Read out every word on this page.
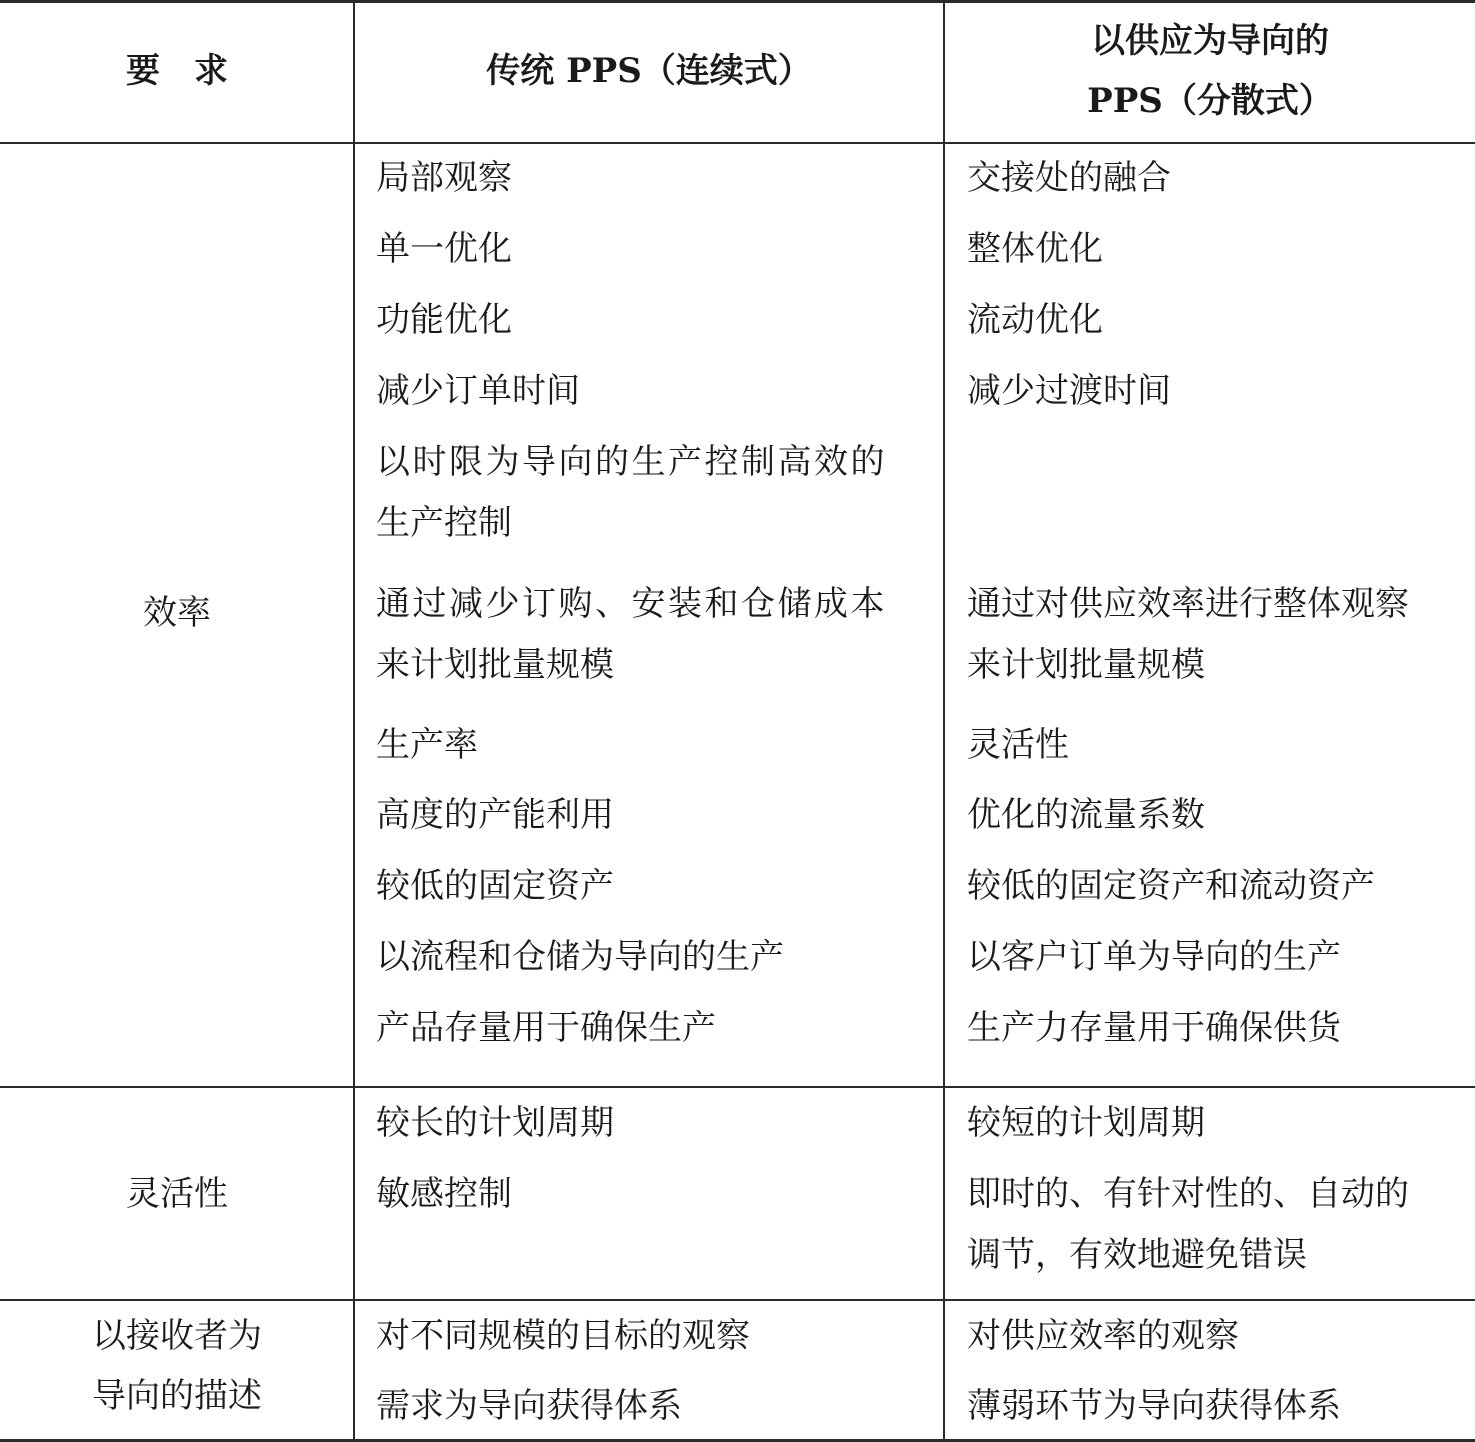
要　求	传统 PPS（连续式）
以供应为导向的
PPS（分散式）
效率
局部观察
单一优化
功能优化
减少订单时间
以时限为导向的生产控制高效的
生产控制
通过减少订购、安装和仓储成本
来计划批量规模
生产率
高度的产能利用
较低的固定资产
以流程和仓储为导向的生产
产品存量用于确保生产
交接处的融合
整体优化
流动优化
减少过渡时间
通过对供应效率进行整体观察
来计划批量规模
灵活性
优化的流量系数
较低的固定资产和流动资产
以客户订单为导向的生产
生产力存量用于确保供货
灵活性
较长的计划周期
敏感控制
较短的计划周期
即时的、有针对性的、自动的
调节，有效地避免错误
以接收者为
导向的描述
对不同规模的目标的观察
需求为导向获得体系
对供应效率的观察
薄弱环节为导向获得体系
